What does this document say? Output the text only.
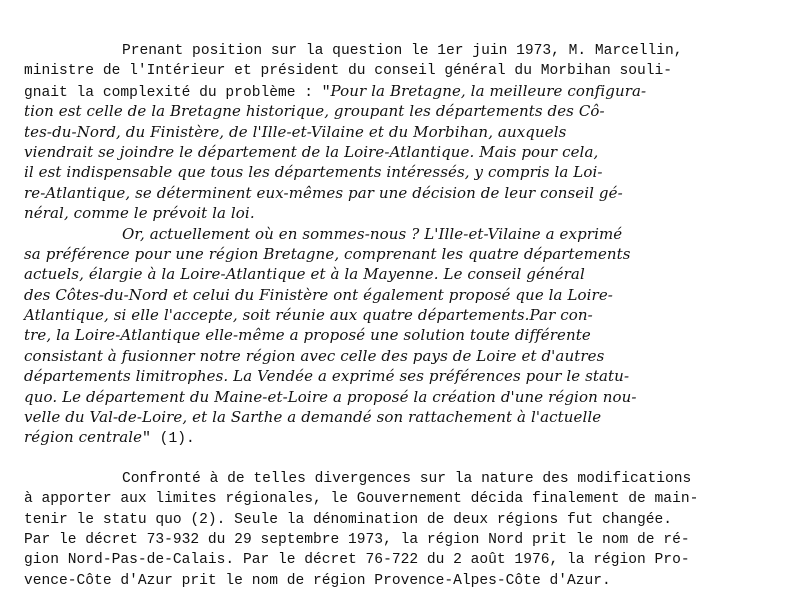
Prenant position sur la question le 1er juin 1973, M. Marcellin,
ministre de l'Intérieur et président du conseil général du Morbihan souli-
gnait la complexité du problème : "Pour la Bretagne, la meilleure configura-
tion est celle de la Bretagne historique, groupant les départements des Cô-
tes-du-Nord, du Finistère, de l'Ille-et-Vilaine et du Morbihan, auxquels
viendrait se joindre le département de la Loire-Atlantique. Mais pour cela,
il est indispensable que tous les départements intéressés, y compris la Loi-
re-Atlantique, se déterminent eux-mêmes par une décision de leur conseil gé-
néral, comme le prévoit la loi.
Or, actuellement où en sommes-nous ? L'Ille-et-Vilaine a exprimé
sa préférence pour une région Bretagne, comprenant les quatre départements
actuels, élargie à la Loire-Atlantique et à la Mayenne. Le conseil général
des Côtes-du-Nord et celui du Finistère ont également proposé que la Loire-
Atlantique, si elle l'accepte, soit réunie aux quatre départements.Par con-
tre, la Loire-Atlantique elle-même a proposé une solution toute différente
consistant à fusionner notre région avec celle des pays de Loire et d'autres
départements limitrophes. La Vendée a exprimé ses préférences pour le statu-
quo. Le département du Maine-et-Loire a proposé la création d'une région nou-
velle du Val-de-Loire, et la Sarthe a demandé son rattachement à l'actuelle
région centrale" (1).
Confronté à de telles divergences sur la nature des modifications
à apporter aux limites régionales, le Gouvernement décida finalement de main-
tenir le statu quo (2). Seule la dénomination de deux régions fut changée.
Par le décret 73-932 du 29 septembre 1973, la région Nord prit le nom de ré-
gion Nord-Pas-de-Calais. Par le décret 76-722 du 2 août 1976, la région Pro-
vence-Côte d'Azur prit le nom de région Provence-Alpes-Côte d'Azur.
